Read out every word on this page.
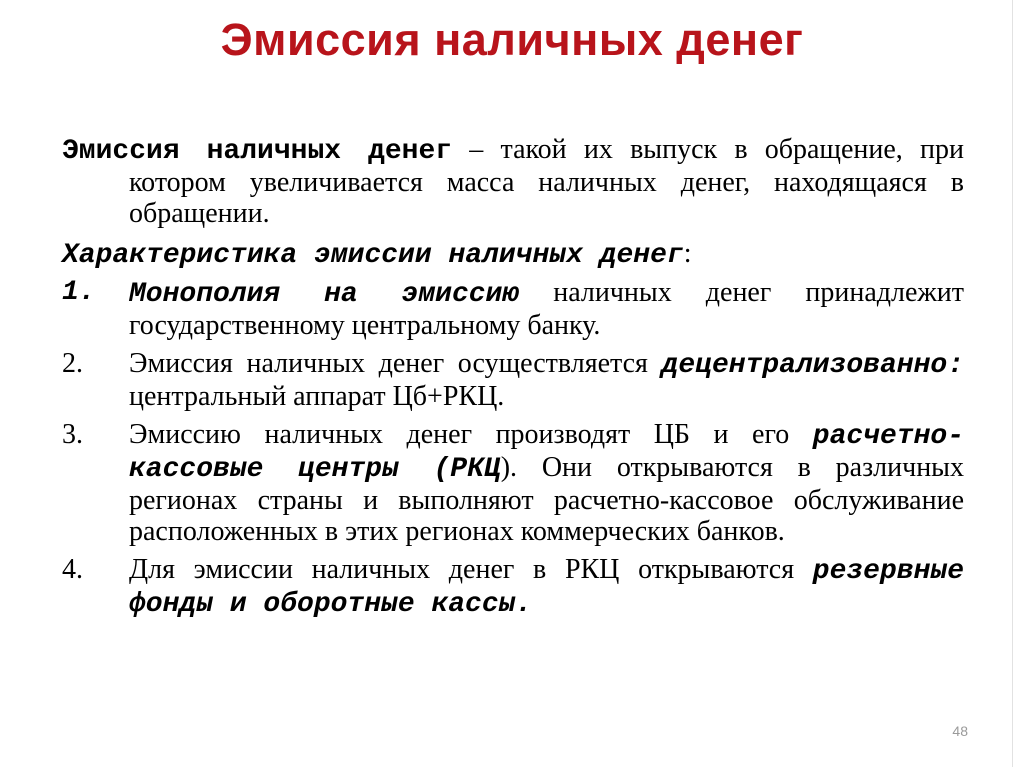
Эмиссия наличных денег

Эмиссия наличных денег – такой их выпуск в обращение, при котором увеличивается масса наличных денег, находящаяся в обращении.

Характеристика эмиссии наличных денег:

1. Монополия на эмиссию наличных денег принадлежит государственному центральному банку.
2. Эмиссия наличных денег осуществляется децентрализованно: центральный аппарат Цб+РКЦ.
3. Эмиссию наличных денег производят ЦБ и его расчетно-кассовые центры (РКЦ). Они открываются в различных регионах страны и выполняют расчетно-кассовое обслуживание расположенных в этих регионах коммерческих банков.
4. Для эмиссии наличных денег в РКЦ открываются резервные фонды и оборотные кассы.
48
